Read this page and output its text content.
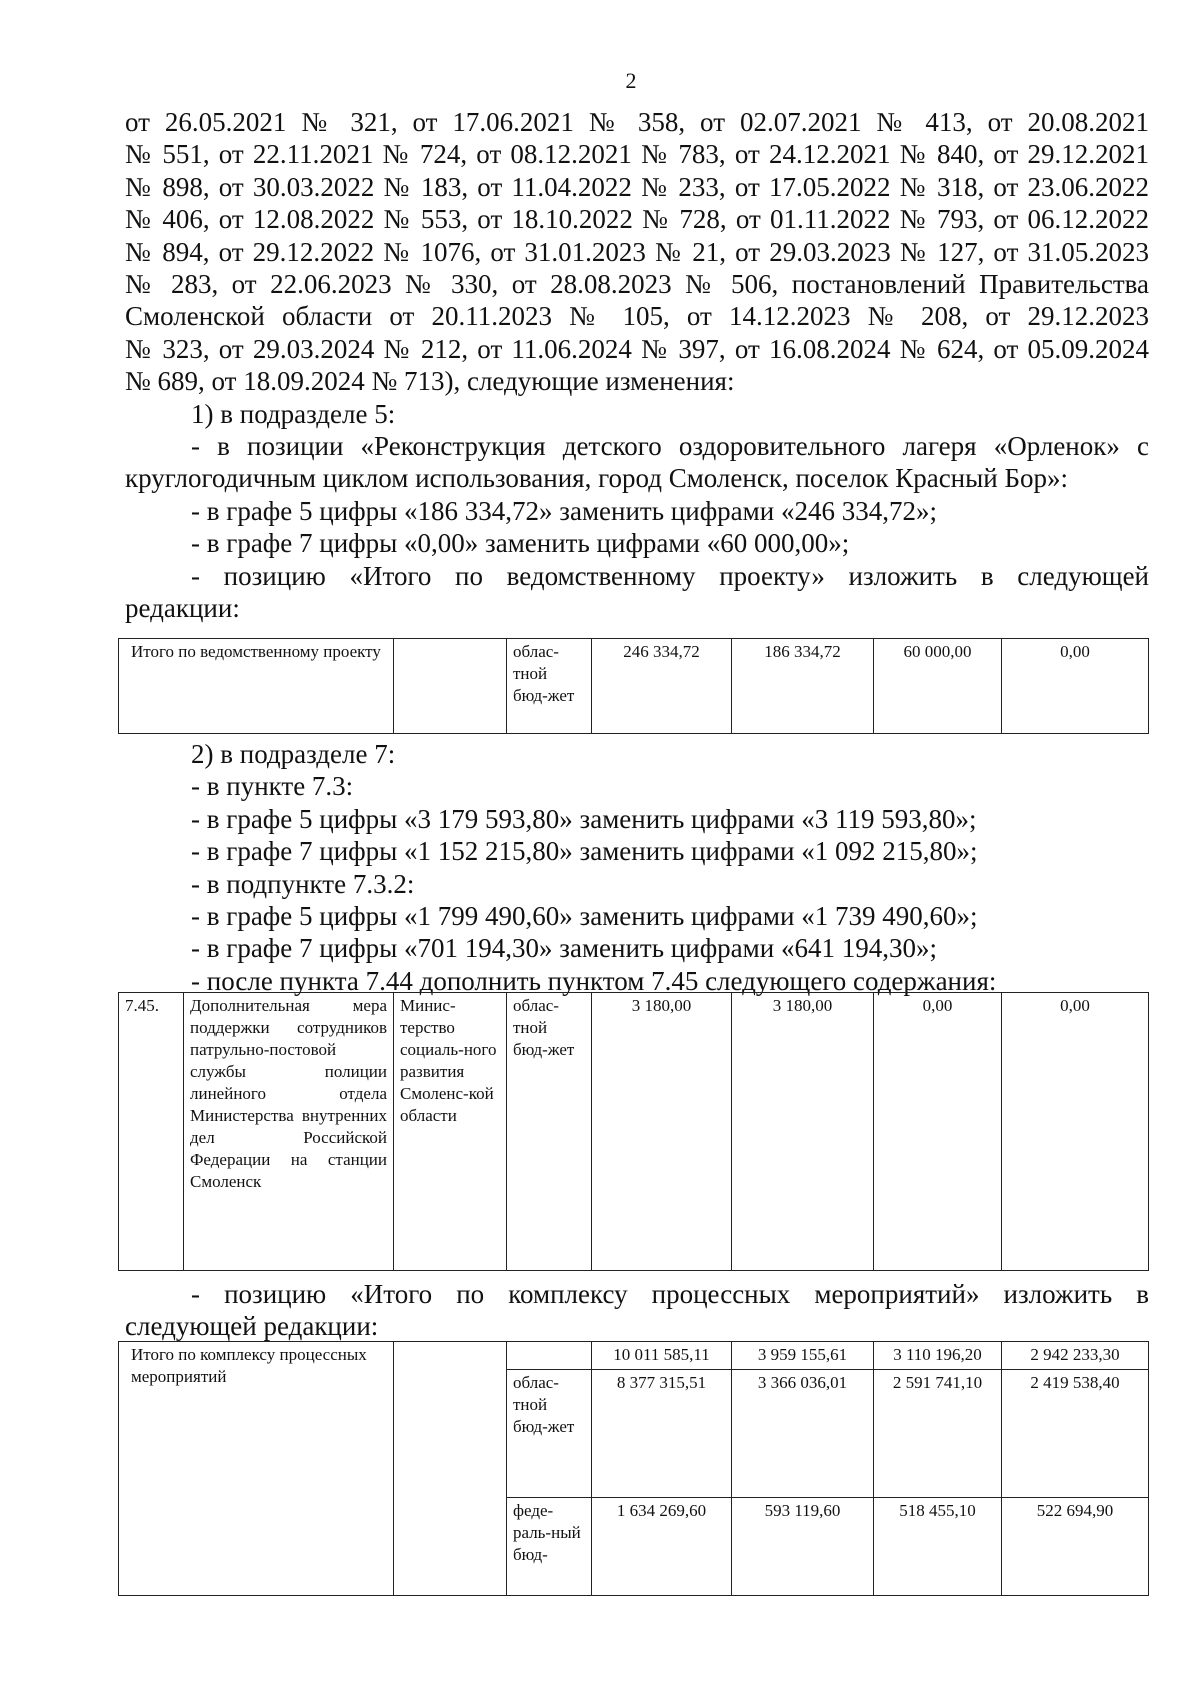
2
от 26.05.2021 № 321, от 17.06.2021 № 358, от 02.07.2021 № 413, от 20.08.2021
№ 551, от 22.11.2021 № 724, от 08.12.2021 № 783, от 24.12.2021 № 840, от 29.12.2021
№ 898, от 30.03.2022 № 183, от 11.04.2022 № 233, от 17.05.2022 № 318, от 23.06.2022
№ 406, от 12.08.2022 № 553, от 18.10.2022 № 728, от 01.11.2022 № 793, от 06.12.2022
№ 894, от 29.12.2022 № 1076, от 31.01.2023 № 21, от 29.03.2023 № 127, от 31.05.2023
№ 283, от 22.06.2023 № 330, от 28.08.2023 № 506, постановлений Правительства
Смоленской области от 20.11.2023 № 105, от 14.12.2023 № 208, от 29.12.2023
№ 323, от 29.03.2024 № 212, от 11.06.2024 № 397, от 16.08.2024 № 624, от 05.09.2024
№ 689, от 18.09.2024 № 713), следующие изменения:
1) в подразделе 5:
- в позиции «Реконструкция детского оздоровительного лагеря «Орленок» с
круглогодичным циклом использования, город Смоленск, поселок Красный Бор»:
- в графе 5 цифры «186 334,72» заменить цифрами «246 334,72»;
- в графе 7 цифры «0,00» заменить цифрами «60 000,00»;
- позицию «Итого по ведомственному проекту» изложить в следующей
редакции:
Итого по ведомственному проекту		облас-тной бюд-жет	246 334,72	186 334,72	60 000,00	0,00
2) в подразделе 7:
- в пункте 7.3:
- в графе 5 цифры «3 179 593,80» заменить цифрами «3 119 593,80»;
- в графе 7 цифры «1 152 215,80» заменить цифрами «1 092 215,80»;
- в подпункте 7.3.2:
- в графе 5 цифры «1 799 490,60» заменить цифрами «1 739 490,60»;
- в графе 7 цифры «701 194,30» заменить цифрами «641 194,30»;
- после пункта 7.44 дополнить пунктом 7.45 следующего содержания:
7.45.	Дополнительная мера поддержки сотрудников патрульно-постовой службы полиции линейного отдела Министерства внутренних дел Российской Федерации на станции Смоленск	Минис-терство социаль-ного развития Смоленс-кой области	облас-тной бюд-жет	3 180,00	3 180,00	0,00	0,00
- позицию «Итого по комплексу процессных мероприятий» изложить в
следующей редакции:
Итого по комплексу процессных мероприятий			10 011 585,11	3 959 155,61	3 110 196,20	2 942 233,30
		облас-тной бюд-жет	8 377 315,51	3 366 036,01	2 591 741,10	2 419 538,40
		феде-раль-ный бюд-	1 634 269,60	593 119,60	518 455,10	522 694,90
